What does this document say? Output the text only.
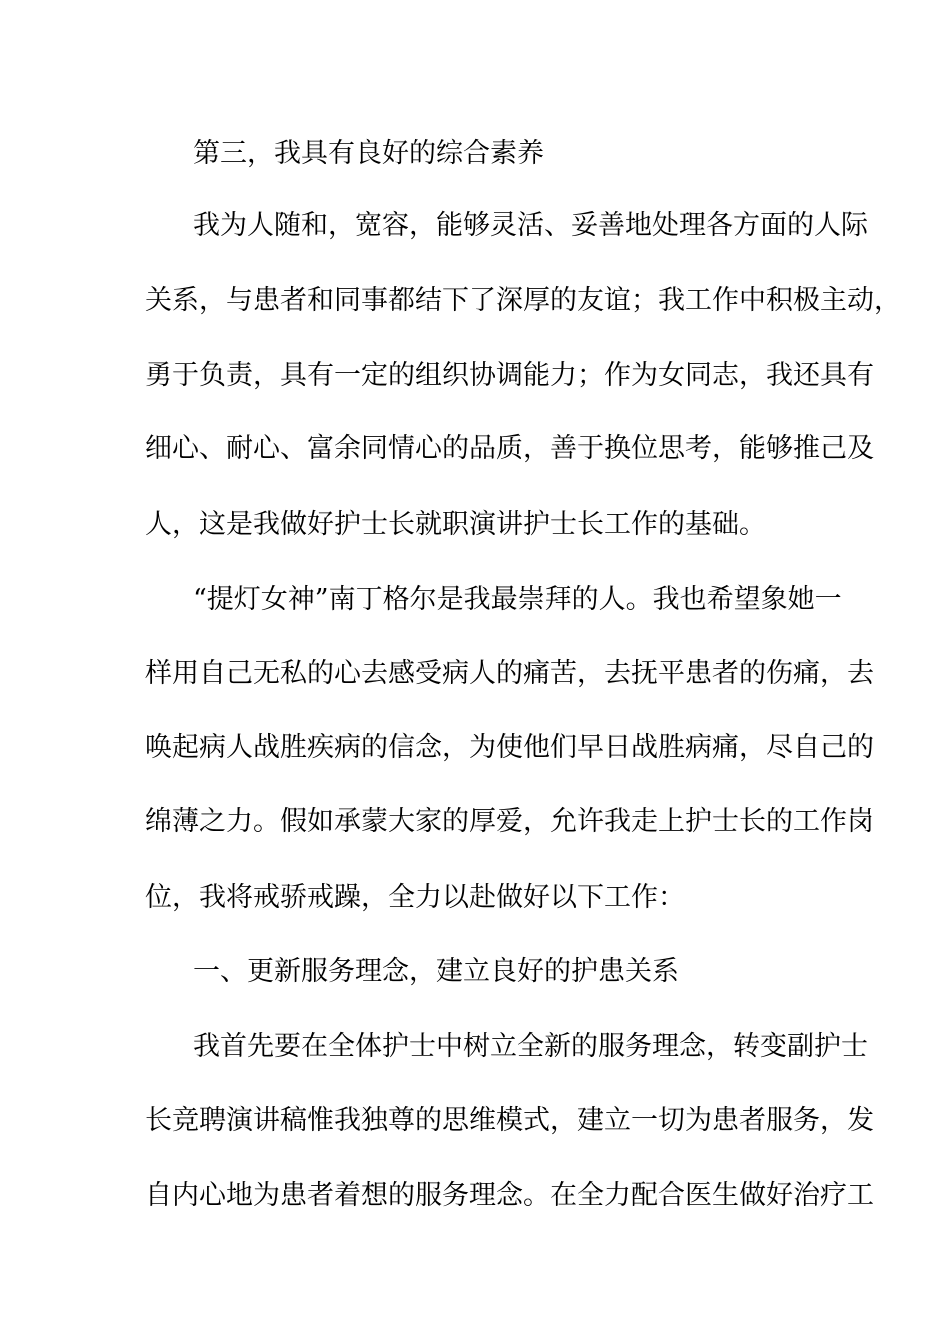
第三，我具有良好的综合素养
我为人随和，宽容，能够灵活、妥善地处理各方面的人际
关系，与患者和同事都结下了深厚的友谊；我工作中积极主动，
勇于负责，具有一定的组织协调能力；作为女同志，我还具有
细心、耐心、富余同情心的品质，善于换位思考，能够推己及
人，这是我做好护士长就职演讲护士长工作的基础。
“提灯女神”南丁格尔是我最崇拜的人。我也希望象她一
样用自己无私的心去感受病人的痛苦，去抚平患者的伤痛，去
唤起病人战胜疾病的信念，为使他们早日战胜病痛，尽自己的
绵薄之力。假如承蒙大家的厚爱，允许我走上护士长的工作岗
位，我将戒骄戒躁，全力以赴做好以下工作：
一、更新服务理念，建立良好的护患关系
我首先要在全体护士中树立全新的服务理念，转变副护士
长竞聘演讲稿惟我独尊的思维模式，建立一切为患者服务，发
自内心地为患者着想的服务理念。在全力配合医生做好治疗工
